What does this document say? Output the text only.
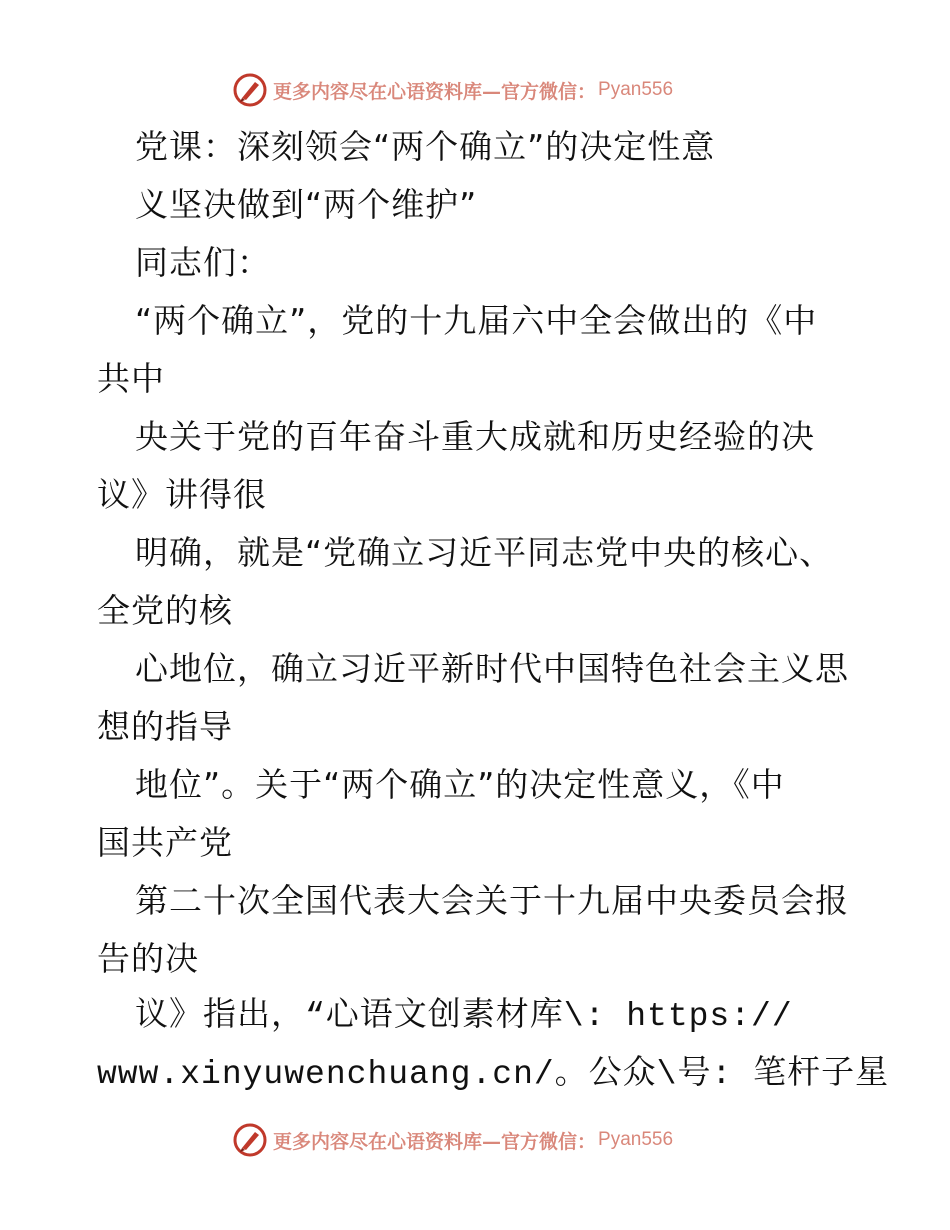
更多内容尽在心语资料库—官方微信： Pyan556
党课：深刻领会“两个确立”的决定性意
义坚决做到“两个维护”
同志们：
“两个确立”，党的十九届六中全会做出的《中
共中
央关于党的百年奋斗重大成就和历史经验的决
议》讲得很
明确，就是“党确立习近平同志党中央的核心、
全党的核
心地位，确立习近平新时代中国特色社会主义思
想的指导
地位”。关于“两个确立”的决定性意义，《中
国共产党
第二十次全国代表大会关于十九届中央委员会报
告的决
议》指出，“心语文创素材库\: https://
www.xinyuwenchuang.cn/。公众\号: 笔杆子星
更多内容尽在心语资料库—官方微信： Pyan556
